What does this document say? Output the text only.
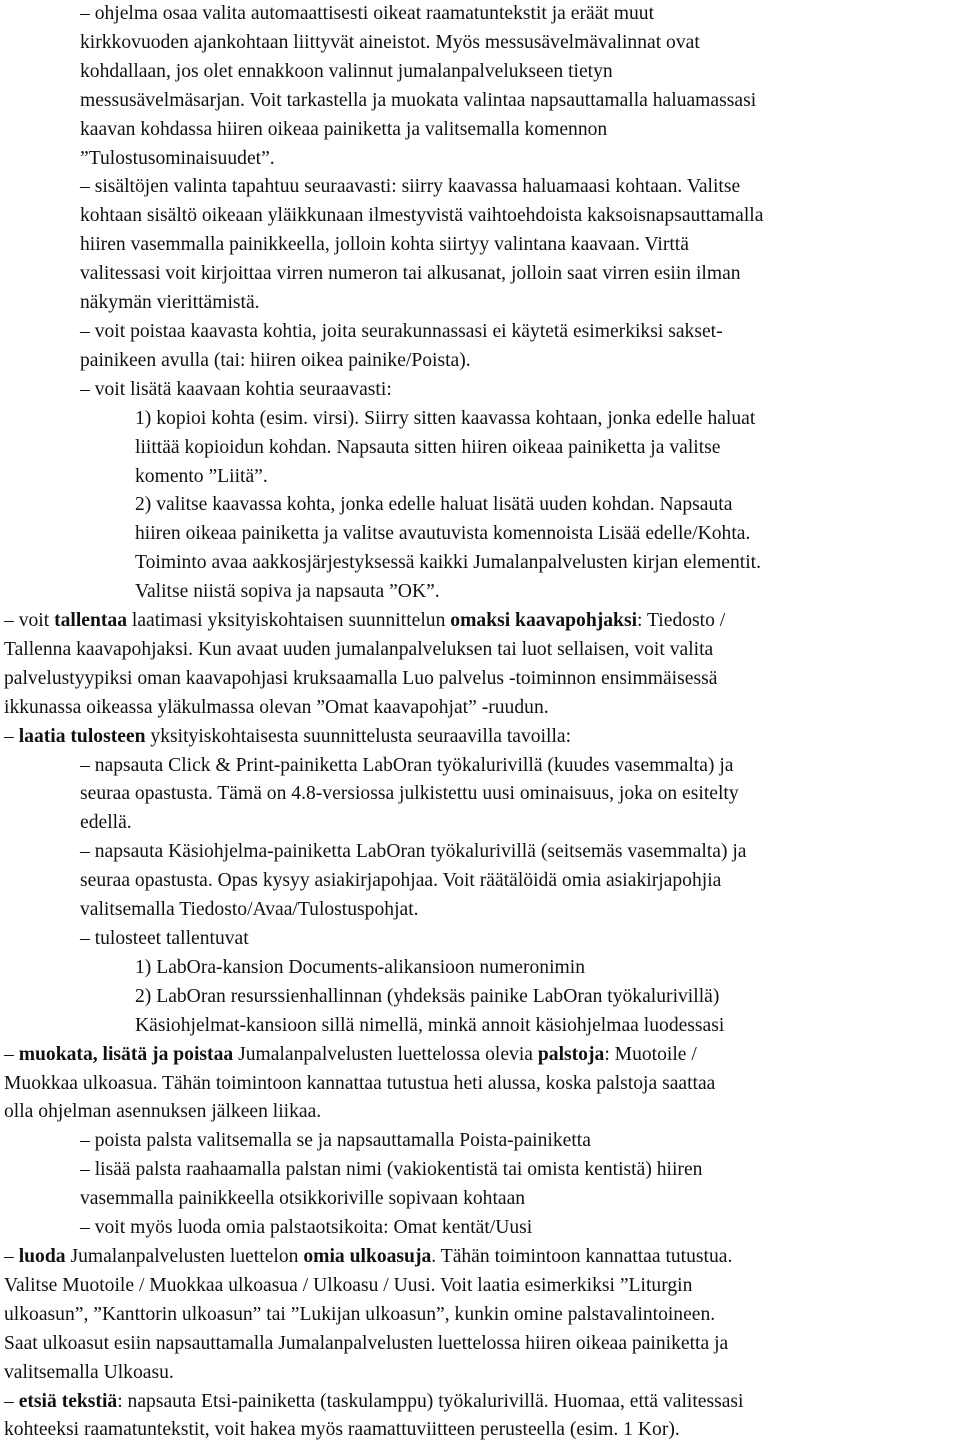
– ohjelma osaa valita automaattisesti oikeat raamatuntekstit ja eräät muut

kirkkovuoden ajankohtaan liittyvät aineistot. Myös messusävelmävalinnat ovat

kohdallaan, jos olet ennakkoon valinnut jumalanpalvelukseen tietyn

messusävelmäsarjan. Voit tarkastella ja muokata valintaa napsauttamalla haluamassasi

kaavan kohdassa hiiren oikeaa painiketta ja valitsemalla komennon

”Tulostusominaisuudet”.

– sisältöjen valinta tapahtuu seuraavasti: siirry kaavassa haluamaasi kohtaan. Valitse

kohtaan sisältö oikeaan yläikkunaan ilmestyvistä vaihtoehdoista kaksoisnapsauttamalla

hiiren vasemmalla painikkeella, jolloin kohta siirtyy valintana kaavaan. Virttä

valitessasi voit kirjoittaa virren numeron tai alkusanat, jolloin saat virren esiin ilman

näkymän vierittämistä.

– voit poistaa kaavasta kohtia, joita seurakunnassasi ei käytetä esimerkiksi sakset-

painikeen avulla (tai: hiiren oikea painike/Poista).

– voit lisätä kaavaan kohtia seuraavasti:

1) kopioi kohta (esim. virsi). Siirry sitten kaavassa kohtaan, jonka edelle haluat

liittää kopioidun kohdan. Napsauta sitten hiiren oikeaa painiketta ja valitse

komento ”Liitä”.

2) valitse kaavassa kohta, jonka edelle haluat lisätä uuden kohdan. Napsauta

hiiren oikeaa painiketta ja valitse avautuvista komennoista Lisää edelle/Kohta.

Toiminto avaa aakkosjärjestyksessä kaikki Jumalanpalvelusten kirjan elementit.

Valitse niistä sopiva ja napsauta ”OK”.

– voit tallentaa laatimasi yksityiskohtaisen suunnittelun omaksi kaavapohjaksi: Tiedosto /

Tallenna kaavapohjaksi. Kun avaat uuden jumalanpalveluksen tai luot sellaisen, voit valita

palvelustyypiksi oman kaavapohjasi kruksaamalla Luo palvelus -toiminnon ensimmäisessä

ikkunassa oikeassa yläkulmassa olevan ”Omat kaavapohjat” -ruudun.

– laatia tulosteen yksityiskohtaisesta suunnittelusta seuraavilla tavoilla:

– napsauta Click & Print-painiketta LabOran työkalurivillä (kuudes vasemmalta) ja

seuraa opastusta. Tämä on 4.8-versiossa julkistettu uusi ominaisuus, joka on esitelty

edellä.

– napsauta Käsiohjelma-painiketta LabOran työkalurivillä (seitsemäs vasemmalta) ja

seuraa opastusta. Opas kysyy asiakirjapohjaa. Voit räätälöidä omia asiakirjapohjia

valitsemalla Tiedosto/Avaa/Tulostuspohjat.

– tulosteet tallentuvat

1) LabOra-kansion Documents-alikansioon numeronimin

2) LabOran resurssienhallinnan (yhdeksäs painike LabOran työkalurivillä)

Käsiohjelmat-kansioon sillä nimellä, minkä annoit käsiohjelmaa luodessasi

– muokata, lisätä ja poistaa Jumalanpalvelusten luettelossa olevia palstoja: Muotoile /

Muokkaa ulkoasua. Tähän toimintoon kannattaa tutustua heti alussa, koska palstoja saattaa

olla ohjelman asennuksen jälkeen liikaa.

– poista palsta valitsemalla se ja napsauttamalla Poista-painiketta

– lisää palsta raahaamalla palstan nimi (vakiokentistä tai omista kentistä) hiiren

vasemmalla painikkeella otsikkoriville sopivaan kohtaan

– voit myös luoda omia palstaotsikoita: Omat kentät/Uusi

– luoda Jumalanpalvelusten luettelon omia ulkoasuja. Tähän toimintoon kannattaa tutustua.

Valitse Muotoile / Muokkaa ulkoasua / Ulkoasu / Uusi. Voit laatia esimerkiksi ”Liturgin

ulkoasun”, ”Kanttorin ulkoasun” tai ”Lukijan ulkoasun”, kunkin omine palstavalintoineen.

Saat ulkoasut esiin napsauttamalla Jumalanpalvelusten luettelossa hiiren oikeaa painiketta ja

valitsemalla Ulkoasu.

– etsiä tekstiä: napsauta Etsi-painiketta (taskulamppu) työkalurivillä. Huomaa, että valitessasi

kohteeksi raamatuntekstit, voit hakea myös raamattuviitteen perusteella (esim. 1 Kor).
